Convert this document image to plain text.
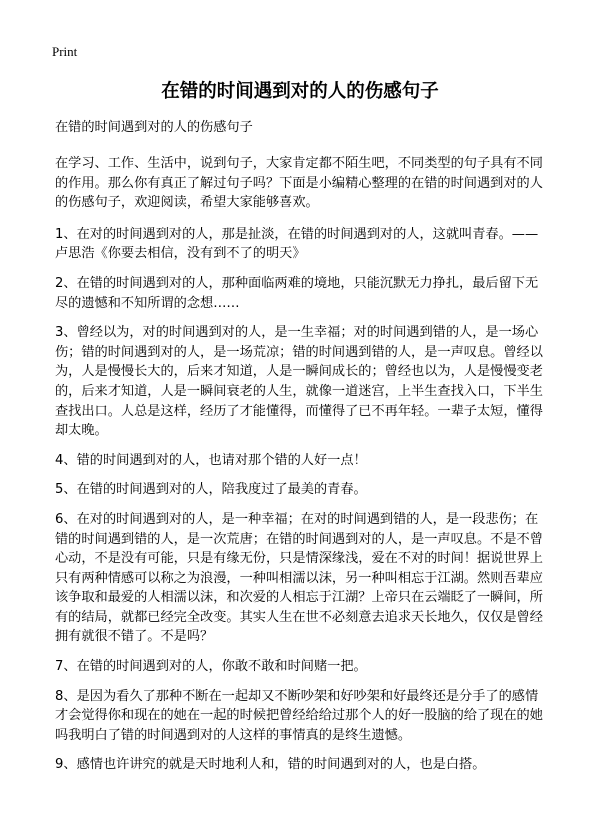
Print
在错的时间遇到对的人的伤感句子

在错的时间遇到对的人的伤感句子

在学习、工作、生活中，说到句子，大家肯定都不陌生吧，不同类型的句子具有不同的作用。那么你有真正了解过句子吗？下面是小编精心整理的在错的时间遇到对的人的伤感句子，欢迎阅读，希望大家能够喜欢。

1、在对的时间遇到对的人，那是扯淡，在错的时间遇到对的人，这就叫青春。——卢思浩《你要去相信，没有到不了的明天》

2、在错的时间遇到对的人，那种面临两难的境地，只能沉默无力挣扎，最后留下无尽的遗憾和不知所谓的念想……

3、曾经以为，对的时间遇到对的人，是一生幸福；对的时间遇到错的人，是一场心伤；错的时间遇到对的人，是一场荒凉；错的时间遇到错的人，是一声叹息。曾经以为，人是慢慢长大的，后来才知道，人是一瞬间成长的；曾经也以为，人是慢慢变老的，后来才知道，人是一瞬间衰老的人生，就像一道迷宫，上半生查找入口，下半生查找出口。人总是这样，经历了才能懂得，而懂得了已不再年轻。一辈子太短，懂得却太晚。

4、错的时间遇到对的人，也请对那个错的人好一点！

5、在错的时间遇到对的人，陪我度过了最美的青春。

6、在对的时间遇到对的人，是一种幸福；在对的时间遇到错的人，是一段悲伤；在错的时间遇到错的人，是一次荒唐；在错的时间遇到对的人，是一声叹息。不是不曾心动，不是没有可能，只是有缘无份，只是情深缘浅，爱在不对的时间！据说世界上只有两种情感可以称之为浪漫，一种叫相濡以沫，另一种叫相忘于江湖。然则吾辈应该争取和最爱的人相濡以沫，和次爱的人相忘于江湖？上帝只在云端眨了一瞬间，所有的结局，就都已经完全改变。其实人生在世不必刻意去追求天长地久，仅仅是曾经拥有就很不错了。不是吗？

7、在错的时间遇到对的人，你敢不敢和时间赌一把。

8、是因为看久了那种不断在一起却又不断吵架和好吵架和好最终还是分手了的感情才会觉得你和现在的她在一起的时候把曾经给给过那个人的好一股脑的给了现在的她吗我明白了错的时间遇到对的人这样的事情真的是终生遗憾。

9、感情也许讲究的就是天时地利人和，错的时间遇到对的人，也是白搭。
